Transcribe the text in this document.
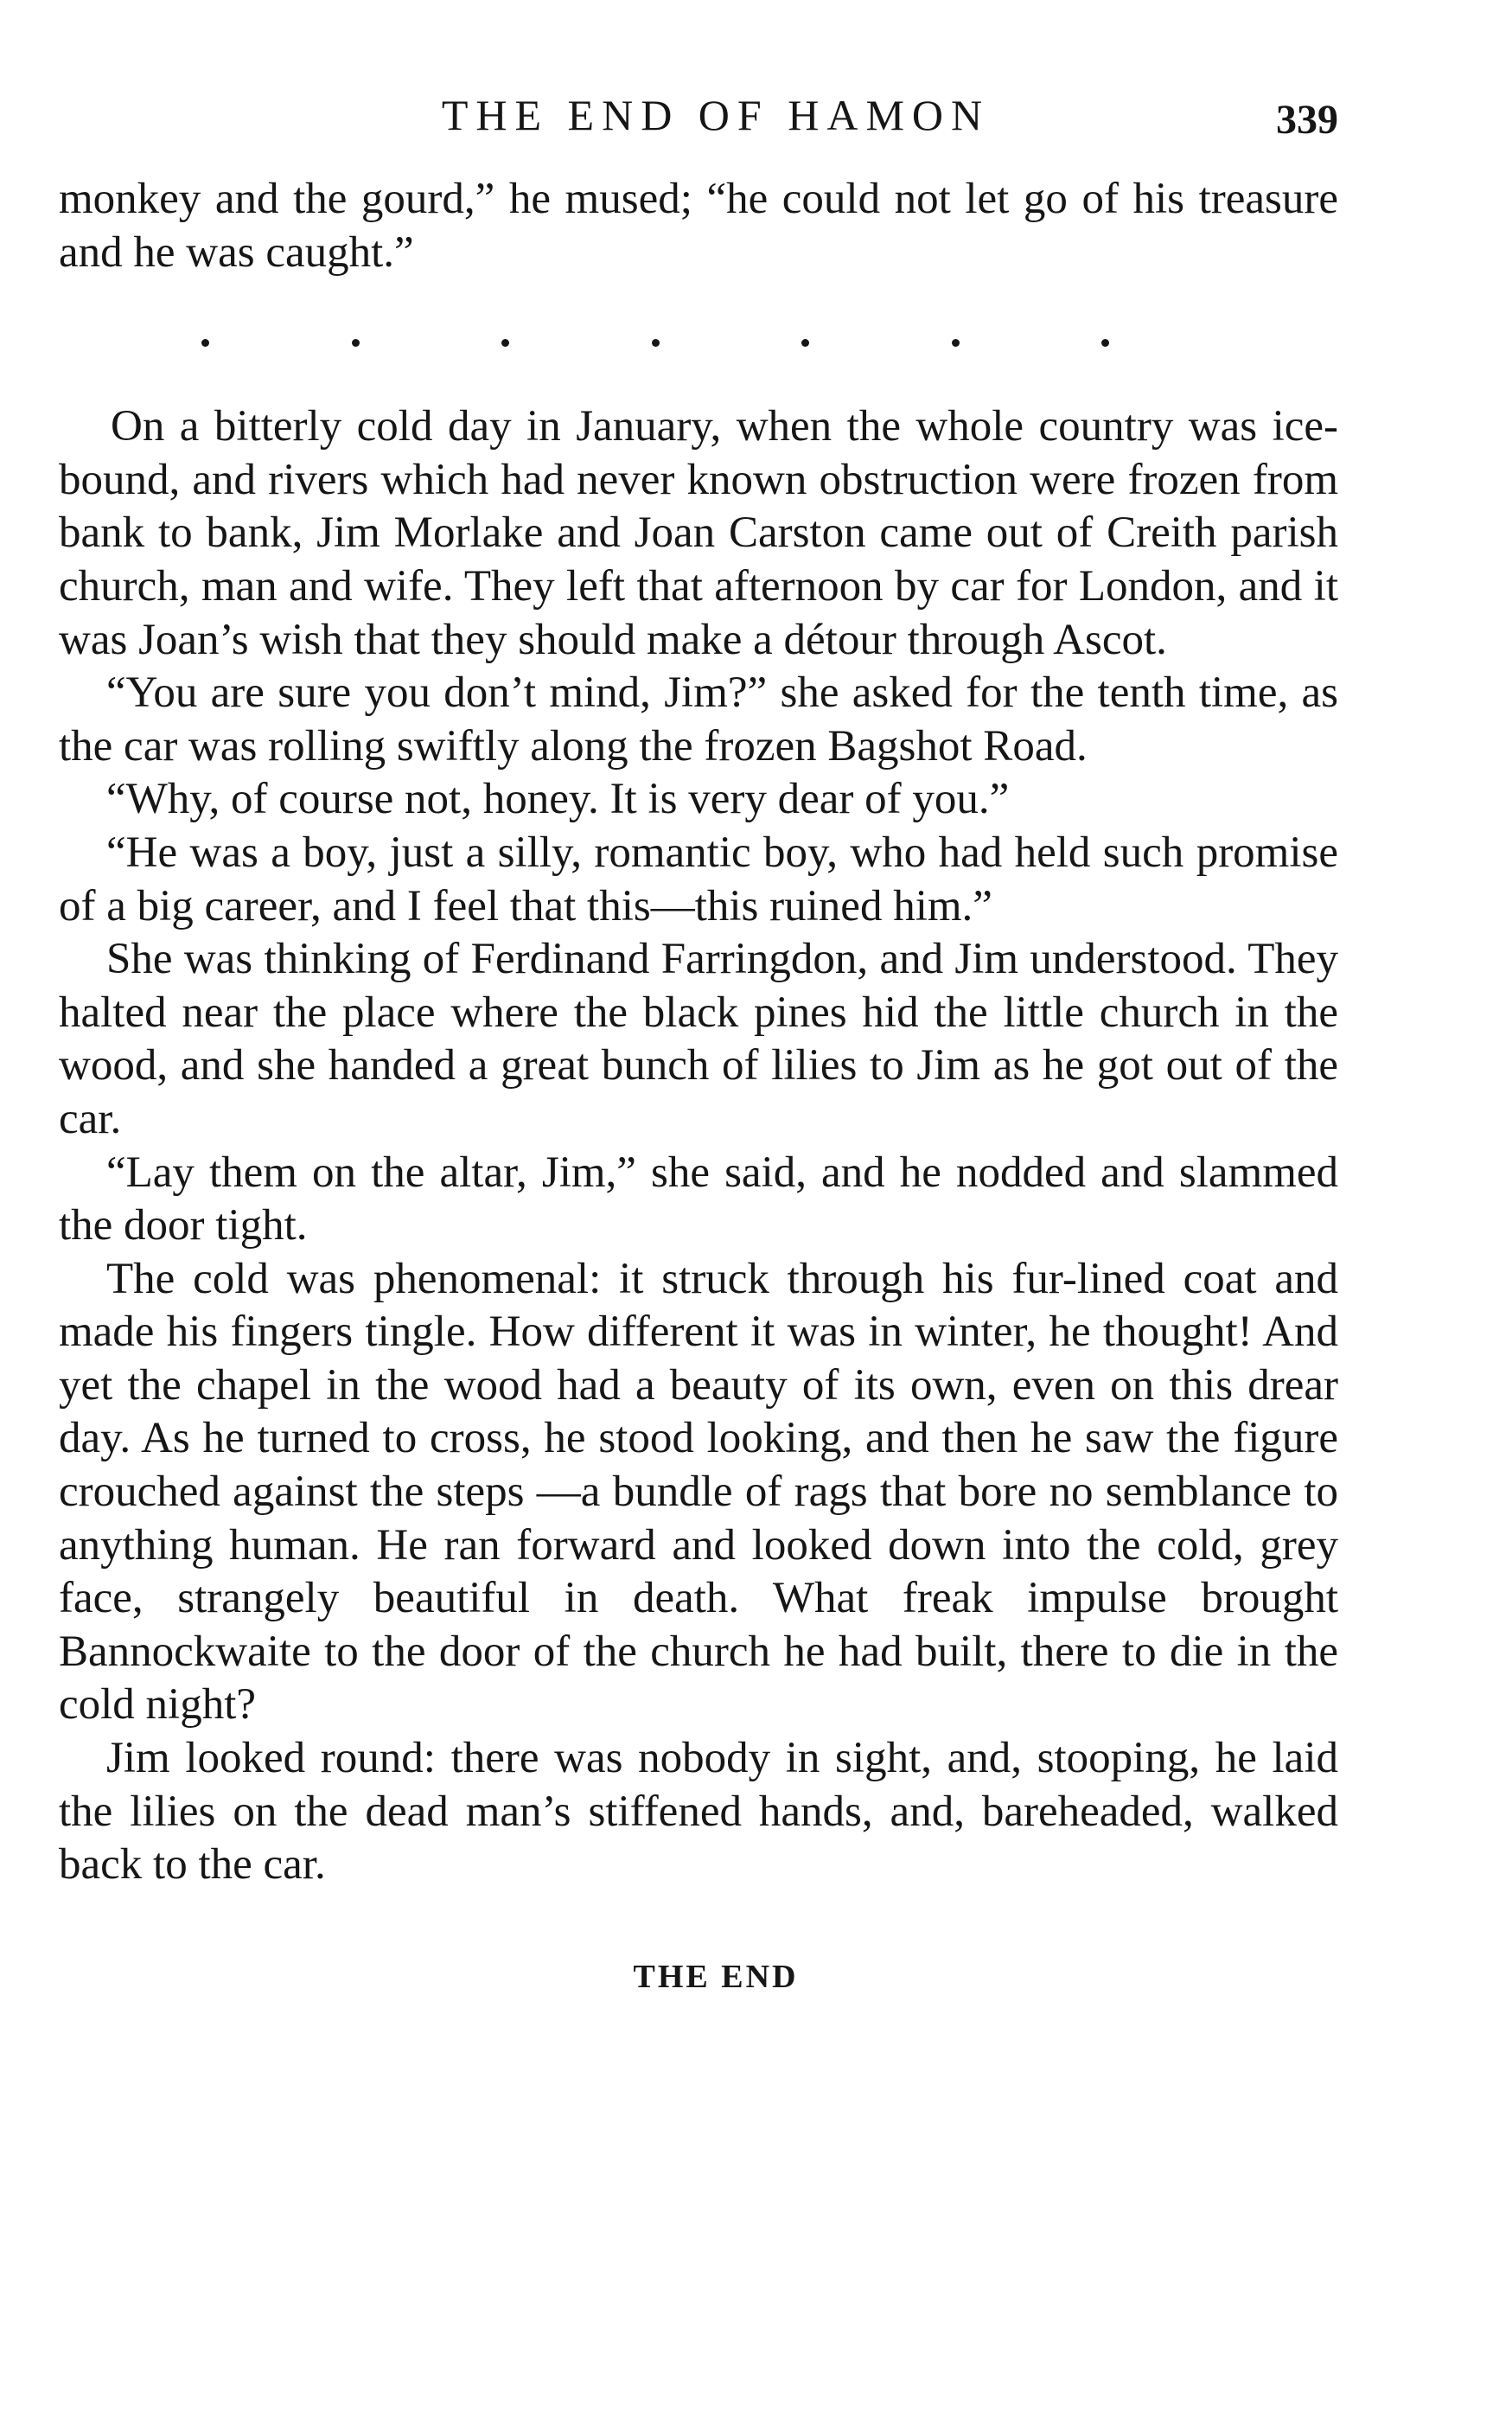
THE END OF HAMON	339

monkey and the gourd,” he mused; “he could not let go of his treasure and he was caught.”

On a bitterly cold day in January, when the whole country was ice-bound, and rivers which had never known obstruction were frozen from bank to bank, Jim Morlake and Joan Carston came out of Creith parish church, man and wife. They left that afternoon by car for London, and it was Joan’s wish that they should make a détour through Ascot.

“You are sure you don’t mind, Jim?” she asked for the tenth time, as the car was rolling swiftly along the frozen Bagshot Road.

“Why, of course not, honey. It is very dear of you.”

“He was a boy, just a silly, romantic boy, who had held such promise of a big career, and I feel that this—this ruined him.”

She was thinking of Ferdinand Farringdon, and Jim understood. They halted near the place where the black pines hid the little church in the wood, and she handed a great bunch of lilies to Jim as he got out of the car.

“Lay them on the altar, Jim,” she said, and he nodded and slammed the door tight.

The cold was phenomenal: it struck through his fur-lined coat and made his fingers tingle. How different it was in winter, he thought! And yet the chapel in the wood had a beauty of its own, even on this drear day. As he turned to cross, he stood looking, and then he saw the figure crouched against the steps —a bundle of rags that bore no semblance to anything human. He ran forward and looked down into the cold, grey face, strangely beautiful in death. What freak impulse brought Bannockwaite to the door of the church he had built, there to die in the cold night?

Jim looked round: there was nobody in sight, and, stooping, he laid the lilies on the dead man’s stiffened hands, and, bareheaded, walked back to the car.

THE END
